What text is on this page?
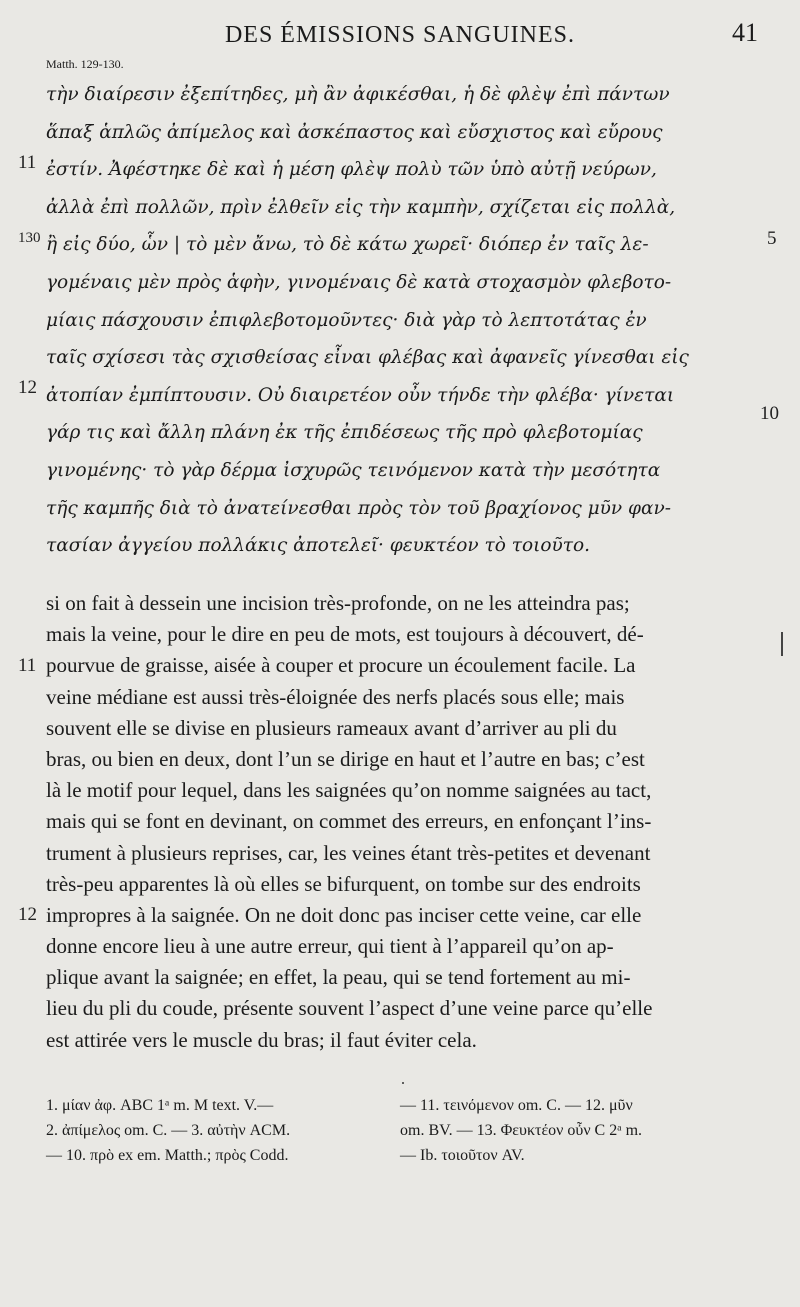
DES ÉMISSIONS SANGUINES.	41
Matth. 129-130.
τὴν διαίρεσιν ἐξεπίτηδες, μὴ ἂν ἀφικέσθαι, ἡ δὲ φλὲψ ἐπὶ πάντων
ἅπαξ ἁπλῶς ἀπίμελος καὶ ἀσκέπαστος καὶ εὔσχιστος καὶ εὔρους
ἐστίν. Ἀφέστηκε δὲ καὶ ἡ μέση φλὲψ πολὺ τῶν ὑπὸ αὐτῇ νεύρων,
ἀλλὰ ἐπὶ πολλῶν, πρὶν ἐλθεῖν εἰς τὴν καμπὴν, σχίζεται εἰς πολλὰ,
ἢ εἰς δύο, ὧν | τὸ μὲν ἄνω, τὸ δὲ κάτω χωρεῖ· διόπερ ἐν ταῖς λε-
γομέναις μὲν πρὸς ἁφὴν, γινομέναις δὲ κατὰ στοχασμὸν φλεβοτο-
μίαις πάσχουσιν ἐπιφλεβοτομοῦντες· διὰ γὰρ τὸ λεπτοτάτας ἐν
ταῖς σχίσεσι τὰς σχισθείσας εἶναι φλέβας καὶ ἀφανεῖς γίνεσθαι εἰς
ἀτοπίαν ἐμπίπτουσιν. Οὐ διαιρετέον οὖν τήνδε τὴν φλέβα· γίνεται
γάρ τις καὶ ἄλλη πλάνη ἐκ τῆς ἐπιδέσεως τῆς πρὸ φλεβοτομίας
γινομένης· τὸ γὰρ δέρμα ἰσχυρῶς τεινόμενον κατὰ τὴν μεσότητα
τῆς καμπῆς διὰ τὸ ἀνατείνεσθαι πρὸς τὸν τοῦ βραχίονος μῦν φαν-
τασίαν ἀγγείου πολλάκις ἀποτελεῖ· φευκτέον τὸ τοιοῦτο.
11
130
12
5
10
si on fait à dessein une incision très-profonde, on ne les atteindra pas;
mais la veine, pour le dire en peu de mots, est toujours à découvert, dé-
pourvue de graisse, aisée à couper et procure un écoulement facile. La
veine médiane est aussi très-éloignée des nerfs placés sous elle; mais
souvent elle se divise en plusieurs rameaux avant d’arriver au pli du
bras, ou bien en deux, dont l’un se dirige en haut et l’autre en bas; c’est
là le motif pour lequel, dans les saignées qu’on nomme saignées au tact,
mais qui se font en devinant, on commet des erreurs, en enfonçant l’ins-
trument à plusieurs reprises, car, les veines étant très-petites et devenant
très-peu apparentes là où elles se bifurquent, on tombe sur des endroits
impropres à la saignée. On ne doit donc pas inciser cette veine, car elle
donne encore lieu à une autre erreur, qui tient à l’appareil qu’on ap-
plique avant la saignée; en effet, la peau, qui se tend fortement au mi-
lieu du pli du coude, présente souvent l’aspect d’une veine parce qu’elle
est attirée vers le muscle du bras; il faut éviter cela.
11
12
1. μίαν ἀφ. ABC 1ᵃ m. M text. V.—	— 11. τεινόμενον om. C. — 12. μῦν
2. ἀπίμελος om. C. — 3. αὐτὴν ACM.	om. BV. — 13. Φευκτέον οὖν C 2ᵃ m.
— 10. πρὸ ex em. Matth.; πρὸς Codd.	— Ib. τοιοῦτον AV.
